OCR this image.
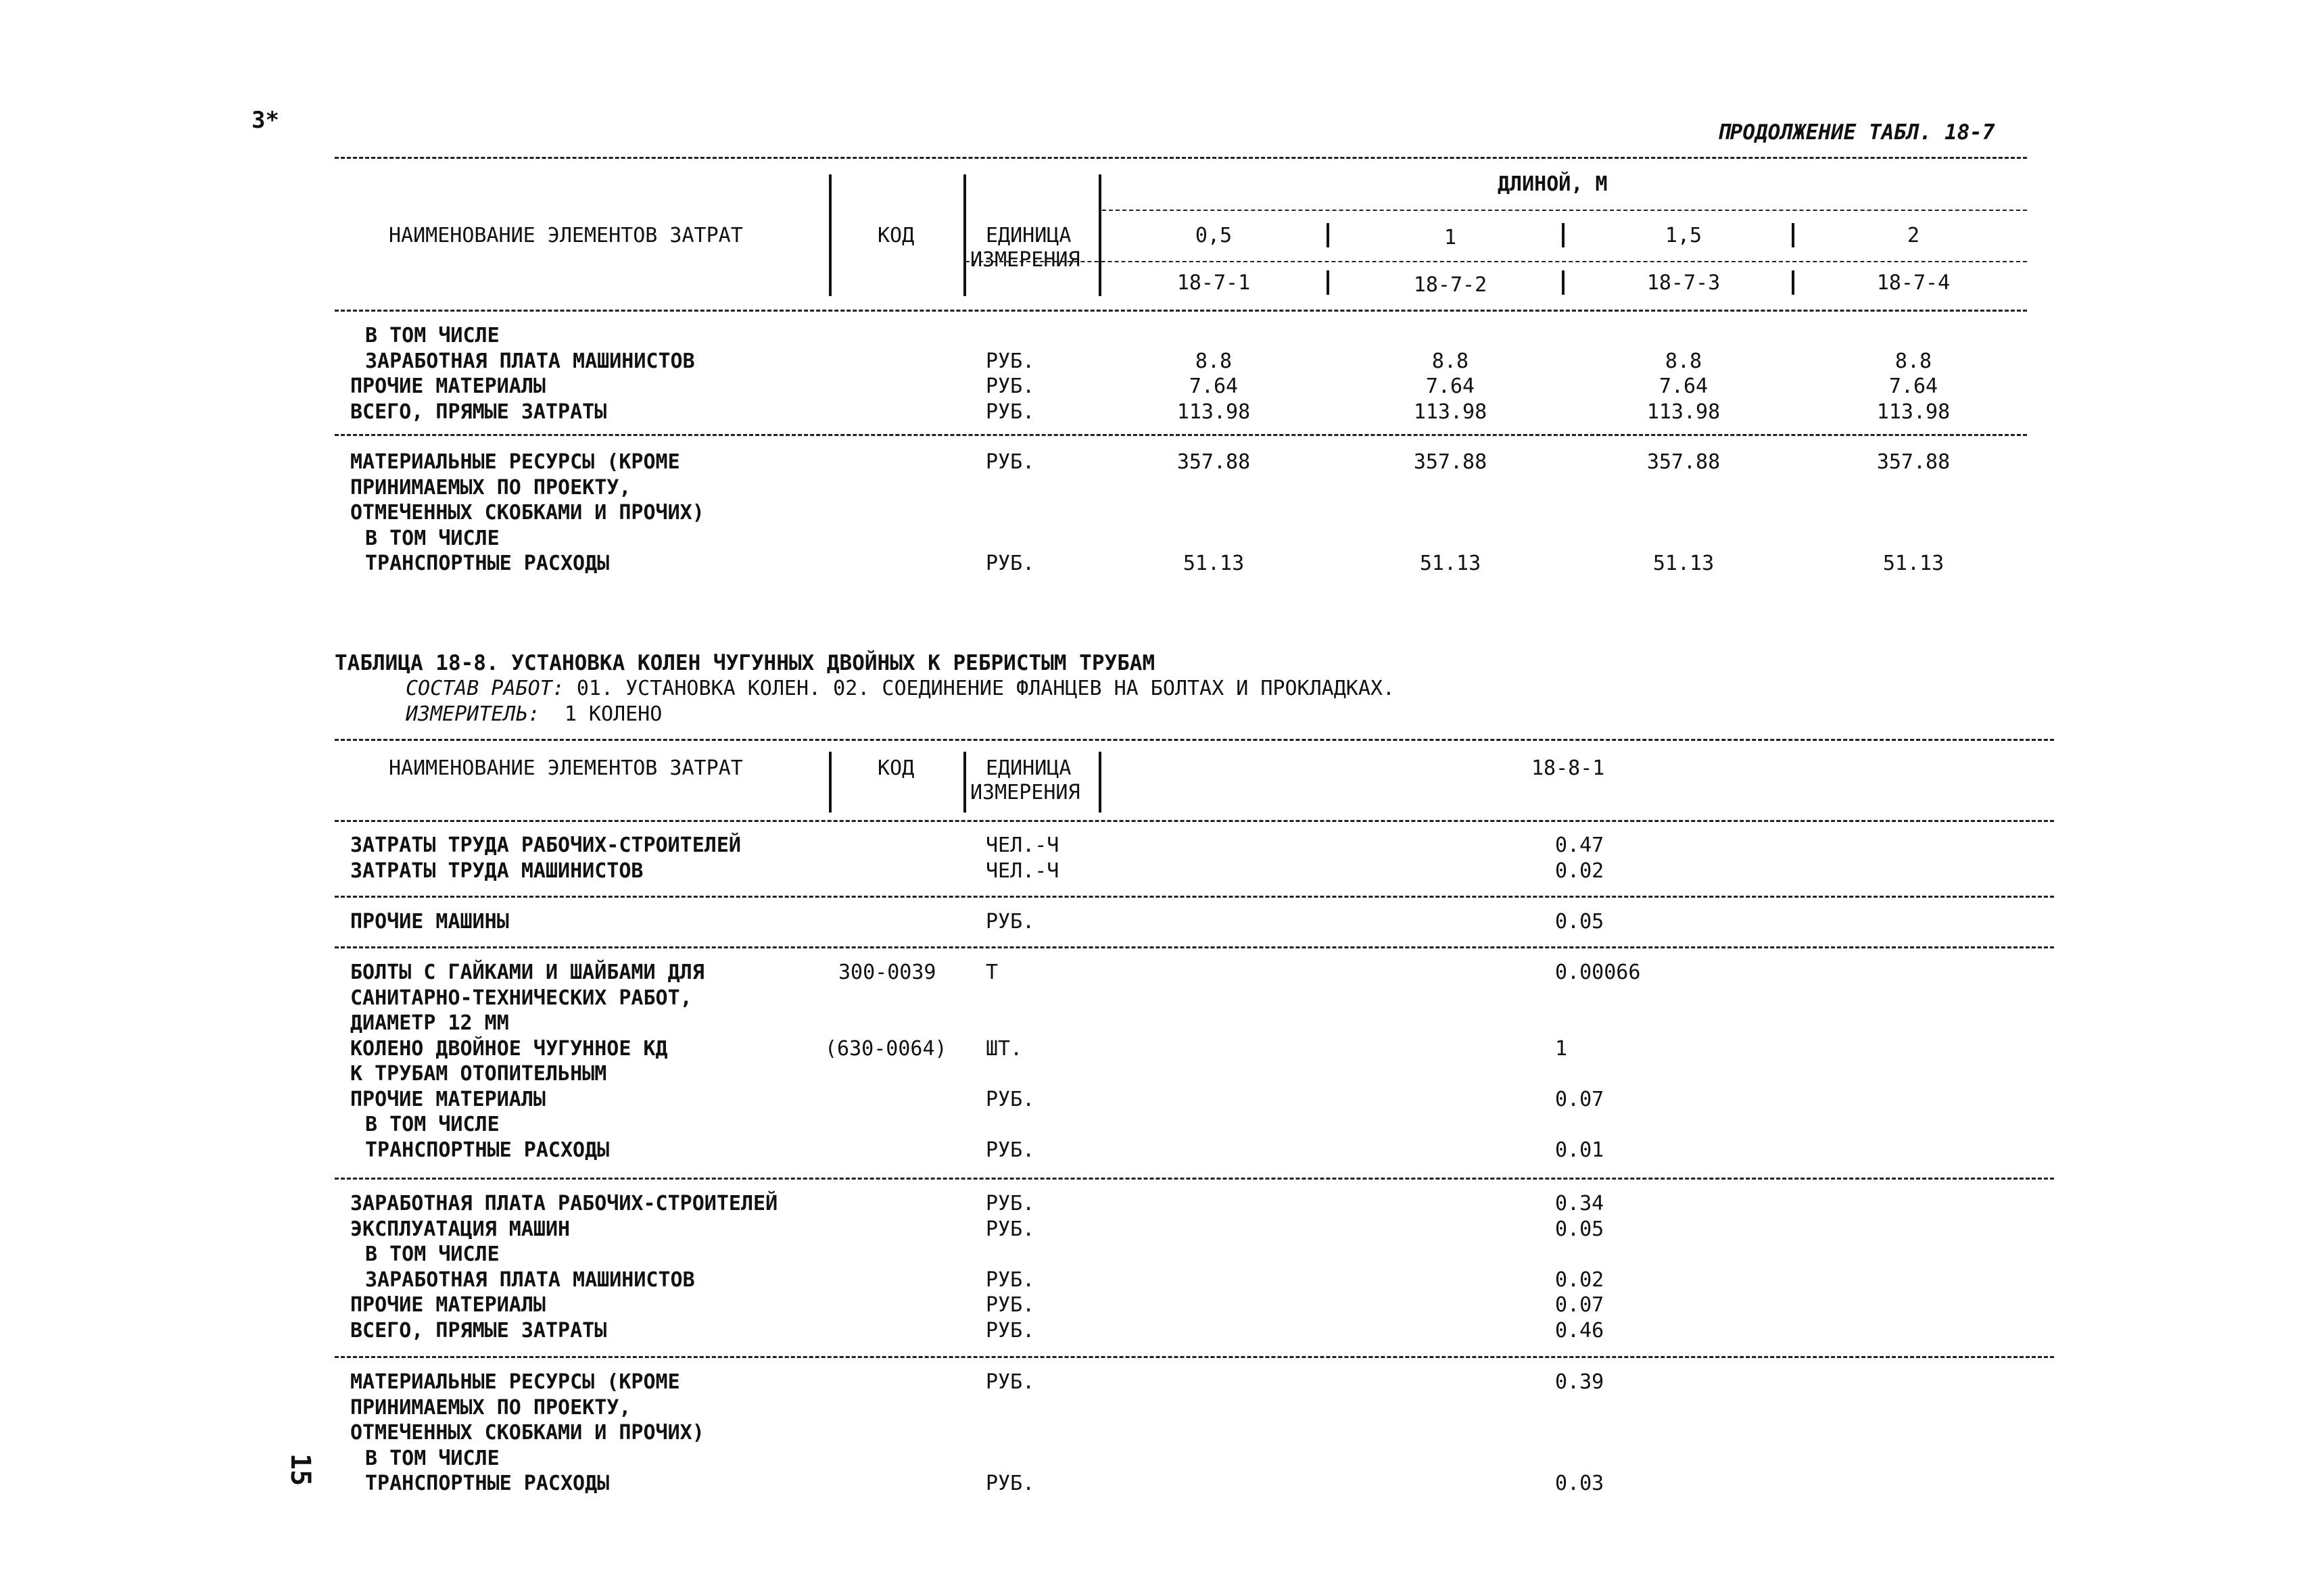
3*
15
ПРОДОЛЖЕНИЕ ТАБЛ. 18-7
НАИМЕНОВАНИЕ ЭЛЕМЕНТОВ ЗАТРАТ	КОД	ЕДИНИЦА
ИЗМЕРЕНИЯ
ДЛИНОЙ, М
0,5	1	1,5	2
18-7-1	18-7-2	18-7-3	18-7-4
В ТОМ ЧИСЛЕ
ЗАРАБОТНАЯ ПЛАТА МАШИНИСТОВ	РУБ.	8.8	8.8	8.8	8.8
ПРОЧИЕ МАТЕРИАЛЫ	РУБ.	7.64	7.64	7.64	7.64
ВСЕГО, ПРЯМЫЕ ЗАТРАТЫ	РУБ.	113.98	113.98	113.98	113.98
МАТЕРИАЛЬНЫЕ РЕСУРСЫ (КРОМЕ	РУБ.	357.88	357.88	357.88	357.88
ПРИНИМАЕМЫХ ПО ПРОЕКТУ,
ОТМЕЧЕННЫХ СКОБКАМИ И ПРОЧИХ)
В ТОМ ЧИСЛЕ
ТРАНСПОРТНЫЕ РАСХОДЫ	РУБ.	51.13	51.13	51.13	51.13
ТАБЛИЦА 18-8. УСТАНОВКА КОЛЕН ЧУГУННЫХ ДВОЙНЫХ К РЕБРИСТЫМ ТРУБАМ
СОСТАВ РАБОТ: 01. УСТАНОВКА КОЛЕН. 02. СОЕДИНЕНИЕ ФЛАНЦЕВ НА БОЛТАХ И ПРОКЛАДКАХ.
ИЗМЕРИТЕЛЬ: 1 КОЛЕНО
НАИМЕНОВАНИЕ ЭЛЕМЕНТОВ ЗАТРАТ	КОД	ЕДИНИЦА
ИЗМЕРЕНИЯ
18-8-1
ЗАТРАТЫ ТРУДА РАБОЧИХ-СТРОИТЕЛЕЙ	ЧЕЛ.-Ч	0.47
ЗАТРАТЫ ТРУДА МАШИНИСТОВ	ЧЕЛ.-Ч	0.02
ПРОЧИЕ МАШИНЫ	РУБ.	0.05
БОЛТЫ С ГАЙКАМИ И ШАЙБАМИ ДЛЯ	300-0039 Т	0.00066
САНИТАРНО-ТЕХНИЧЕСКИХ РАБОТ,
ДИАМЕТР 12 ММ
КОЛЕНО ДВОЙНОЕ ЧУГУННОЕ КД	(630-0064) ШТ.	1
К ТРУБАМ ОТОПИТЕЛЬНЫМ
ПРОЧИЕ МАТЕРИАЛЫ	РУБ.	0.07
В ТОМ ЧИСЛЕ
ТРАНСПОРТНЫЕ РАСХОДЫ	РУБ.	0.01
ЗАРАБОТНАЯ ПЛАТА РАБОЧИХ-СТРОИТЕЛЕЙ	РУБ.	0.34
ЭКСПЛУАТАЦИЯ МАШИН	РУБ.	0.05
В ТОМ ЧИСЛЕ
ЗАРАБОТНАЯ ПЛАТА МАШИНИСТОВ	РУБ.	0.02
ПРОЧИЕ МАТЕРИАЛЫ	РУБ.	0.07
ВСЕГО, ПРЯМЫЕ ЗАТРАТЫ	РУБ.	0.46
МАТЕРИАЛЬНЫЕ РЕСУРСЫ (КРОМЕ	РУБ.	0.39
ПРИНИМАЕМЫХ ПО ПРОЕКТУ,
ОТМЕЧЕННЫХ СКОБКАМИ И ПРОЧИХ)
В ТОМ ЧИСЛЕ
ТРАНСПОРТНЫЕ РАСХОДЫ	РУБ.	0.03
